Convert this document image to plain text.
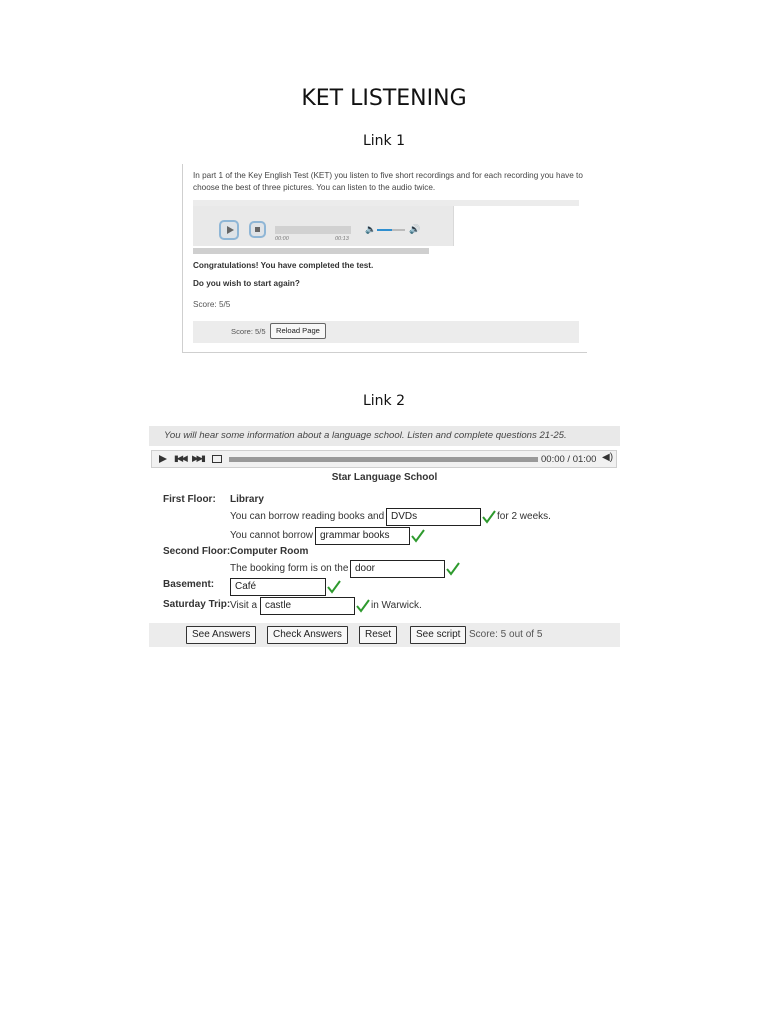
KET LISTENING
Link 1
In part 1 of the Key English Test (KET) you listen to five short recordings and for each recording you have to choose the best of three pictures. You can listen to the audio twice.
00:00	00:13
🔈	🔊
Congratulations! You have completed the test.
Do you wish to start again?
Score: 5/5
Score: 5/5	Reload Page
Link 2
You will hear some information about a language school. Listen and complete questions 21-25.
▮◀◀ ▶▶▮	00:00 / 01:00 ◀)
Star Language School
First Floor: Library
You can borrow reading books and DVDs	for 2 weeks.
You cannot borrow grammar books
Second Floor: Computer Room
The booking form is on the door
Basement:	Café
Saturday Trip: Visit a castle	in Warwick.
See Answers	Check Answers	Reset	See script Score: 5 out of 5
